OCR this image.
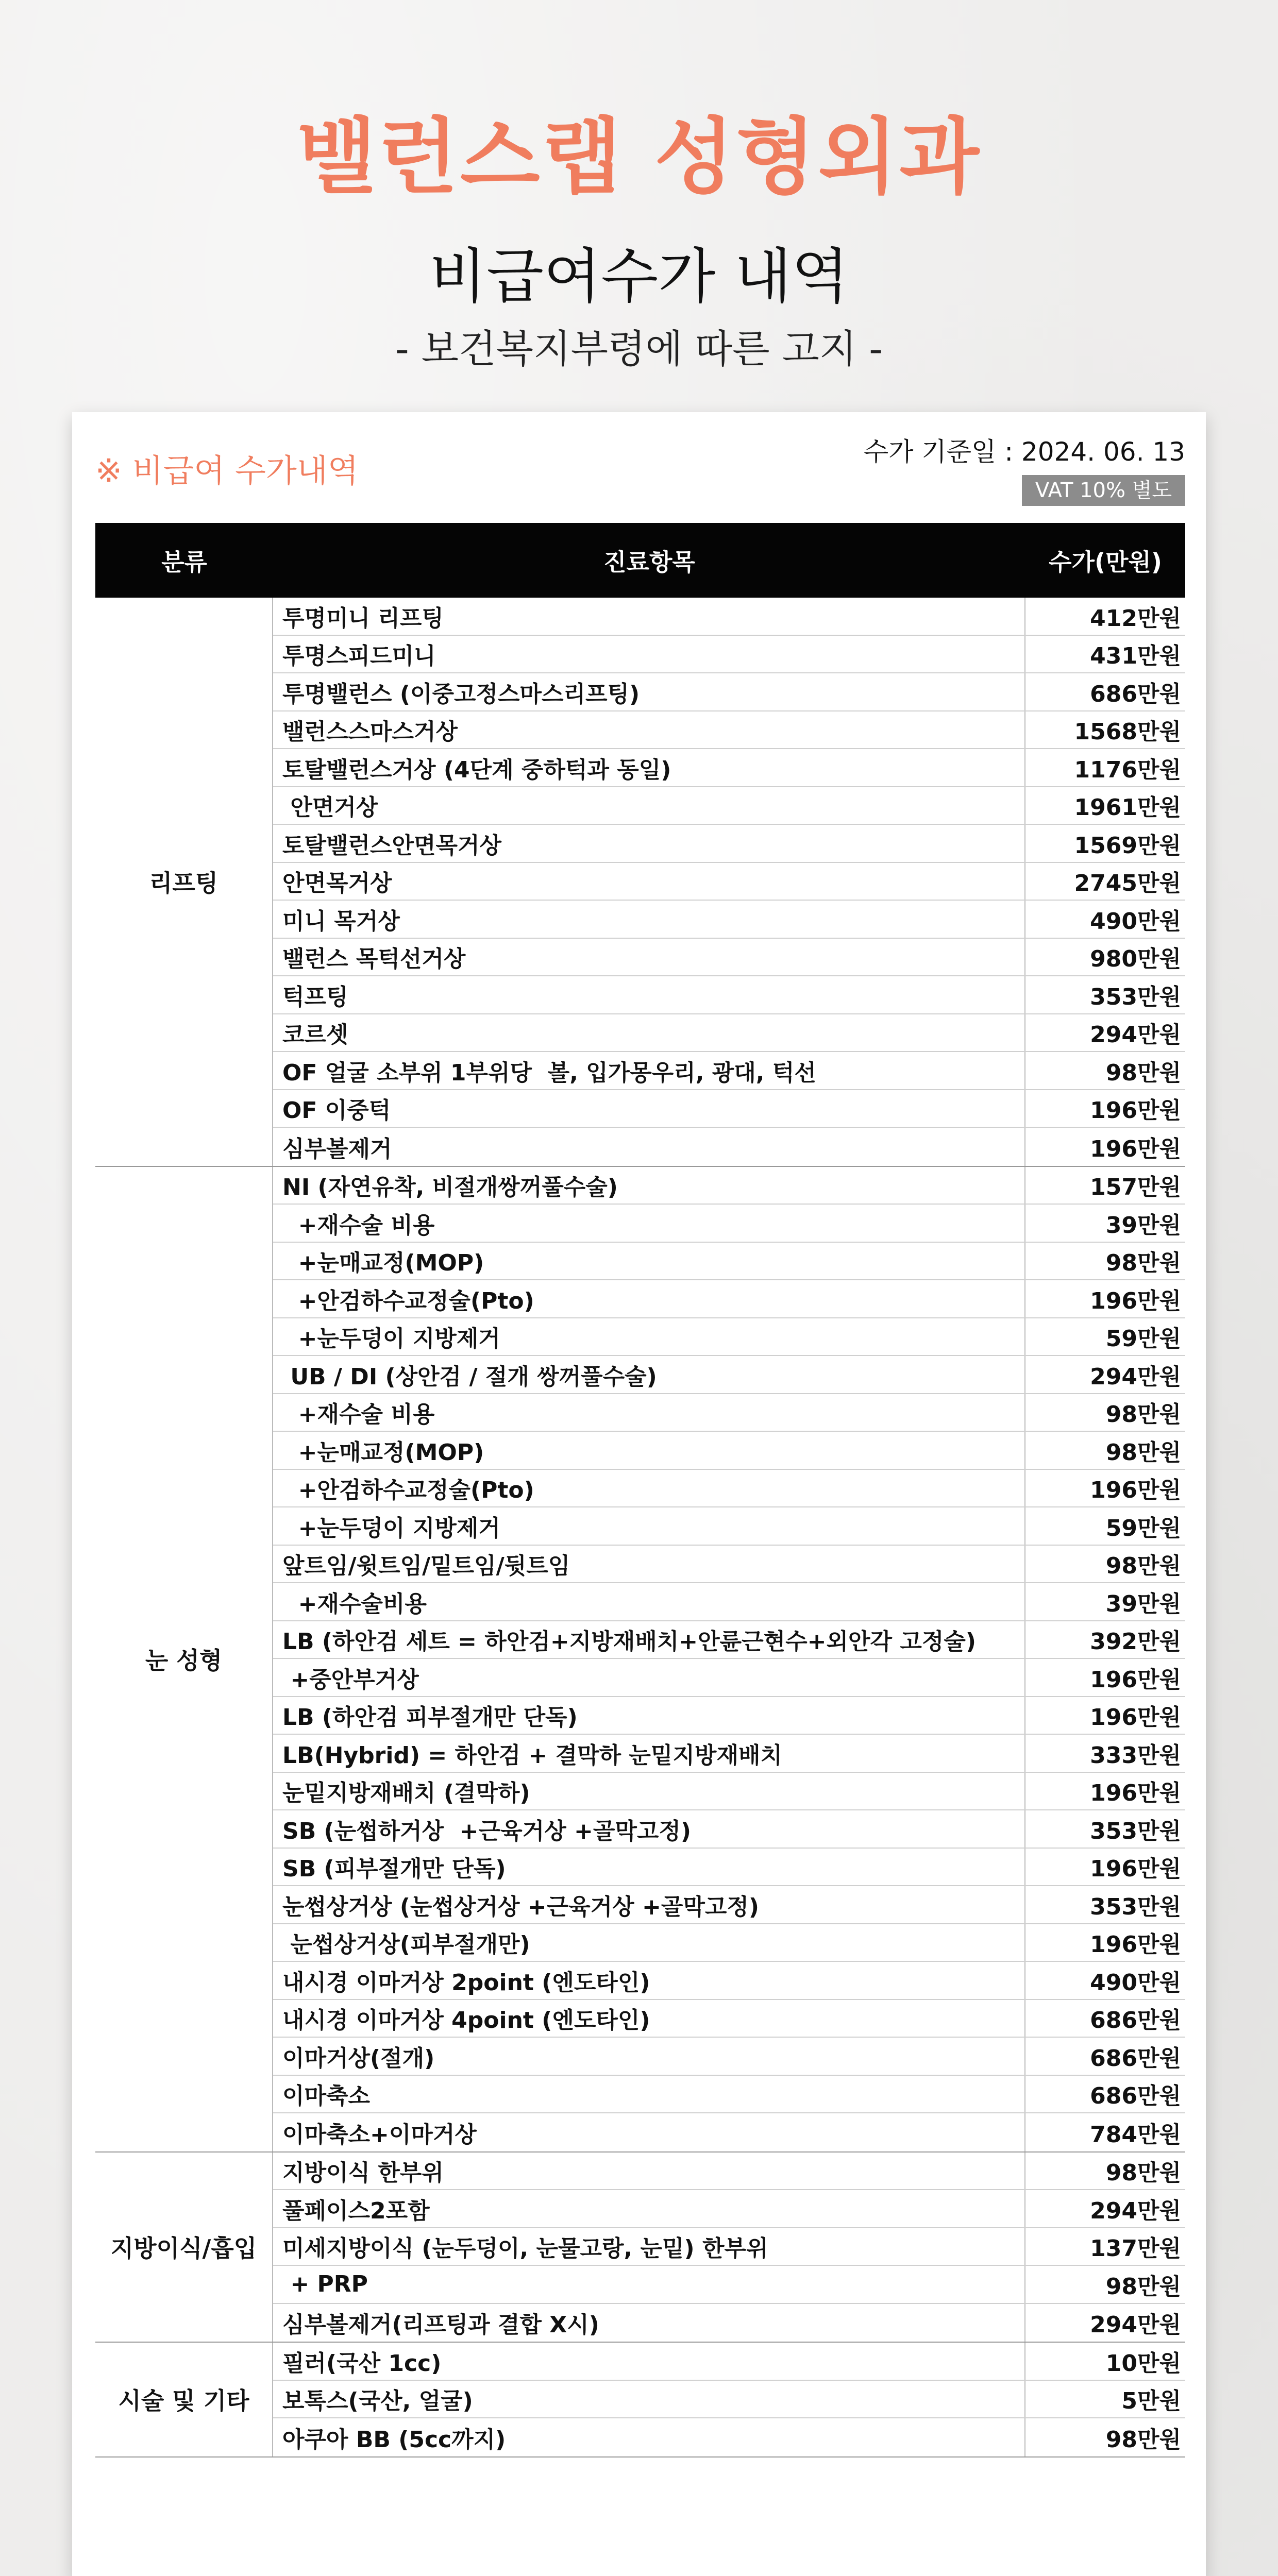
밸런스랩 성형외과
비급여수가 내역
- 보건복지부령에 따른 고지 -
※ 비급여 수가내역	수가 기준일 : 2024. 06. 13
VAT 10% 별도
분류	진료항목	수가(만원)
리프팅
투명미니 리프팅	412만원
투명스피드미니	431만원
투명밸런스 (이중고정스마스리프팅)	686만원
밸런스스마스거상	1568만원
토탈밸런스거상 (4단계 중하턱과 동일)	1176만원
안면거상	1961만원
토탈밸런스안면목거상	1569만원
안면목거상	2745만원
미니 목거상	490만원
밸런스 목턱선거상	980만원
턱프팅	353만원
코르셋	294만원
OF 얼굴 소부위 1부위당  볼, 입가몽우리, 광대, 턱선	98만원
OF 이중턱	196만원
심부볼제거	196만원
눈 성형
NI (자연유착, 비절개쌍꺼풀수술)	157만원
+재수술 비용	39만원
+눈매교정(MOP)	98만원
+안검하수교정술(Pto)	196만원
+눈두덩이 지방제거	59만원
UB / DI (상안검 / 절개 쌍꺼풀수술)	294만원
+재수술 비용	98만원
+눈매교정(MOP)	98만원
+안검하수교정술(Pto)	196만원
+눈두덩이 지방제거	59만원
앞트임/윗트임/밑트임/뒷트임	98만원
+재수술비용	39만원
LB (하안검 세트 = 하안검+지방재배치+안륜근현수+외안각 고정술)	392만원
+중안부거상	196만원
LB (하안검 피부절개만 단독)	196만원
LB(Hybrid) = 하안검 + 결막하 눈밑지방재배치	333만원
눈밑지방재배치 (결막하)	196만원
SB (눈썹하거상  +근육거상 +골막고정)	353만원
SB (피부절개만 단독)	196만원
눈썹상거상 (눈썹상거상 +근육거상 +골막고정)	353만원
눈썹상거상(피부절개만)	196만원
내시경 이마거상 2point (엔도타인)	490만원
내시경 이마거상 4point (엔도타인)	686만원
이마거상(절개)	686만원
이마축소	686만원
이마축소+이마거상	784만원
지방이식/흡입
지방이식 한부위	98만원
풀페이스2포함	294만원
미세지방이식 (눈두덩이, 눈물고랑, 눈밑) 한부위	137만원
+ PRP	98만원
심부볼제거(리프팅과 결합 X시)	294만원
시술 및 기타
필러(국산 1cc)	10만원
보톡스(국산, 얼굴)	5만원
아쿠아 BB (5cc까지)	98만원
